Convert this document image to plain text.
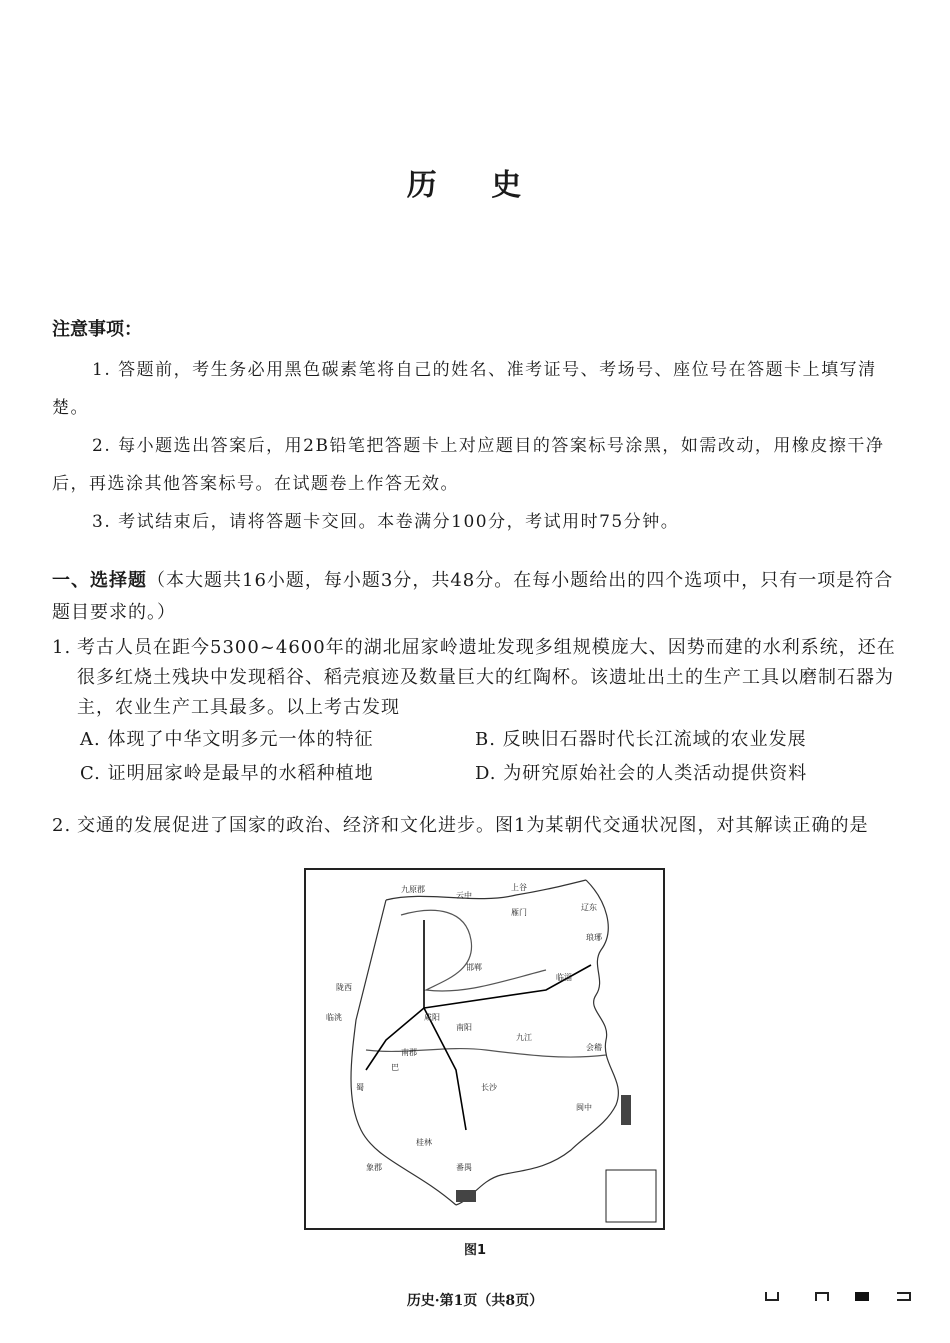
历 史
注意事项：
1. 答题前，考生务必用黑色碳素笔将自己的姓名、准考证号、考场号、座位号在答题卡上填写清楚。
2. 每小题选出答案后，用2B铅笔把答题卡上对应题目的答案标号涂黑，如需改动，用橡皮擦干净后，再选涂其他答案标号。在试题卷上作答无效。
3. 考试结束后，请将答题卡交回。本卷满分100分，考试用时75分钟。
一、选择题（本大题共16小题，每小题3分，共48分。在每小题给出的四个选项中，只有一项是符合题目要求的。）
1. 考古人员在距今5300~4600年的湖北屈家岭遗址发现多组规模庞大、因势而建的水利系统，还在很多红烧土残块中发现稻谷、稻壳痕迹及数量巨大的红陶杯。该遗址出土的生产工具以磨制石器为主，农业生产工具最多。以上考古发现
A. 体现了中华文明多元一体的特征	B. 反映旧石器时代长江流域的农业发展
C. 证明屈家岭是最早的水稻种植地	D. 为研究原始社会的人类活动提供资料
2. 交通的发展促进了国家的政治、经济和文化进步。图1为某朝代交通状况图，对其解读正确的是
九原郡
云中
上谷
辽东
临洮	咸阳
邯郸
临淄
蜀
巴
南阳
长沙
番禺
会稽
闽中
桂林
象郡
琅琊
陇西
雁门
南郡
九江
图1
历史·第1页（共8页）
